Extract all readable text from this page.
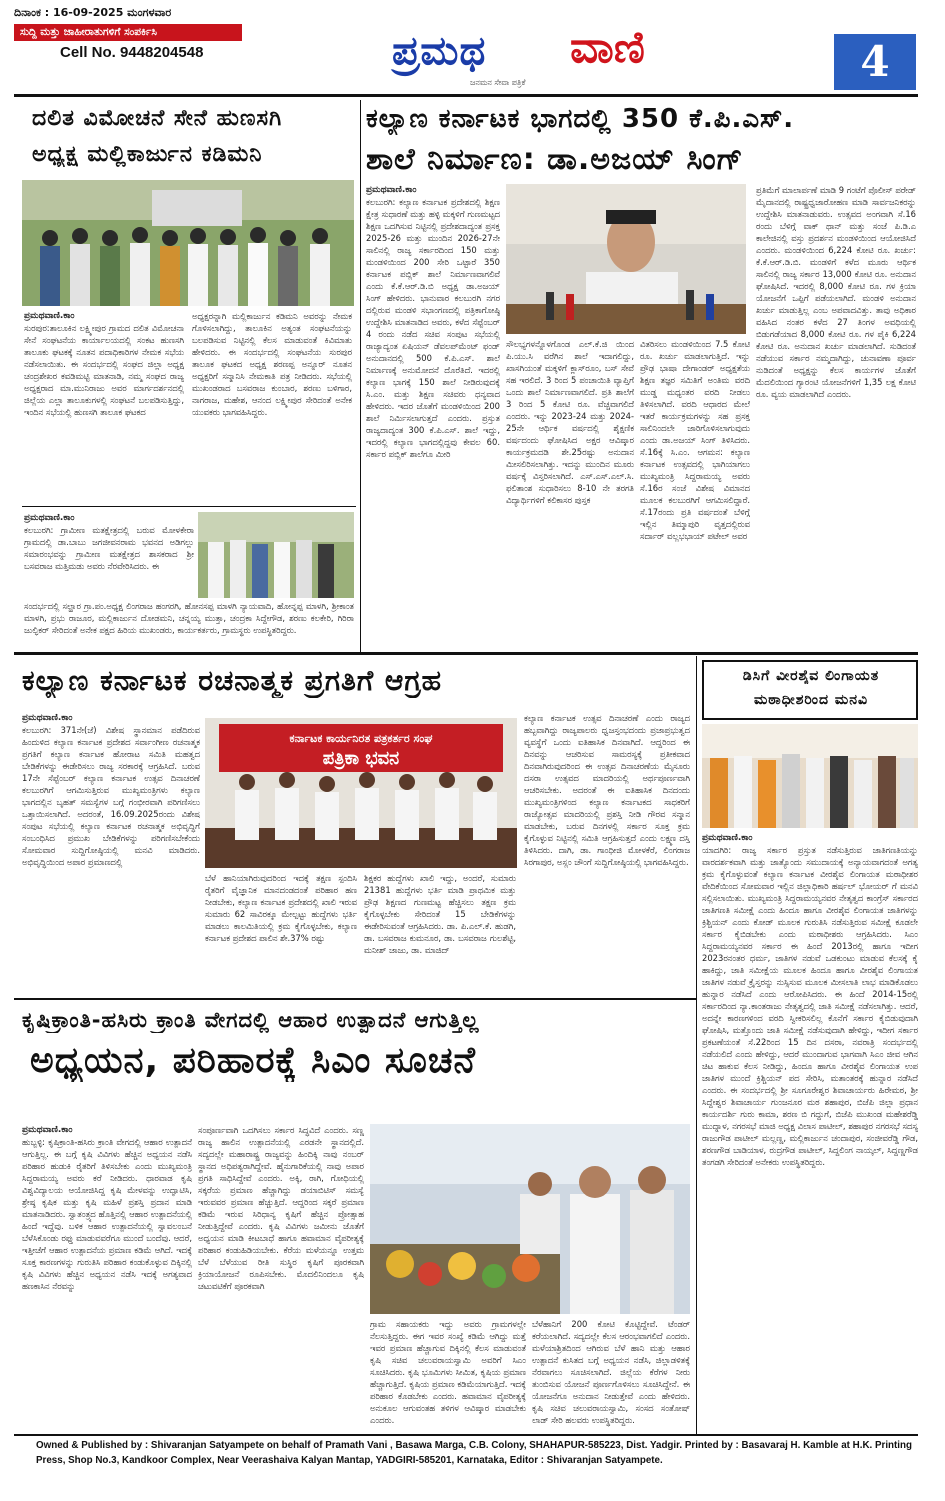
ದಿನಾಂಕ : 16-09-2025 ಮಂಗಳವಾರ
ಸುದ್ದಿ ಮತ್ತು ಜಾಹೀರಾತುಗಳಿಗೆ ಸಂಪರ್ಕಿಸಿ
Cell No. 9448204548	ಪ್ರಮಥ ವಾಣಿ
ಜನಮನ ಸೇವಾ ಪತ್ರಿಕೆ	4
ದಲಿತ ವಿಮೋಚನೆ ಸೇನೆ ಹುಣಸಗಿ
ಅಧ್ಯಕ್ಷ ಮಲ್ಲಿಕಾರ್ಜುನ ಕಡಿಮನಿ
ಪ್ರಮಥವಾಣಿ.ಕಾಂ
ಸುರಪುರ:ತಾಲೂಕಿನ ಲಕ್ಷ್ಮೀಪುರ ಗ್ರಾಮದ ದಲಿತ ವಿಮೋಚನಾ ಸೇನೆ ಸಂಘಟನೆಯ ಕಾರ್ಯಾಲಯದಲ್ಲಿ ಸಂಕಟ ಹುಣಸಗಿ ತಾಲೂಕು ಘಟಕಕ್ಕೆ ನೂತನ ಪದಾಧಿಕಾರಿಗಳ ನೇಮಕ ಸಭೆಯ ನಡೆಸಲಾಯಿತು. ಈ ಸಂದರ್ಭದಲ್ಲಿ ಸಂಘದ ಜಿಲ್ಲಾ ಅಧ್ಯಕ್ಷ ಚಂದ್ರಶೇಖರ ಕವಡಿಮಟ್ಟಿ ಮಾತನಾಡಿ, ನಮ್ಮ ಸಂಘದ ರಾಜ್ಯ ಅಧ್ಯಕ್ಷರಾದ ಮಾ.ಮುನಿರಾಜು ಅವರ ಮಾರ್ಗದರ್ಶನದಲ್ಲಿ ಜಿಲ್ಲೆಯ ಎಲ್ಲಾ ತಾಲೂಕುಗಳಲ್ಲಿ ಸಂಘಟನೆ ಬಲಪಡಿಸುತ್ತಿದ್ದು, ಇಂದಿನ ಸಭೆಯಲ್ಲಿ ಹುಣಸಗಿ ತಾಲೂಕ ಘಟಕದ
ಅಧ್ಯಕ್ಷರನ್ನಾಗಿ ಮಲ್ಲಿಕಾರ್ಜುನ ಕಡಿಮನಿ ಅವರನ್ನು ನೇಮಕ ಗೊಳಿಸಲಾಗಿದ್ದು, ತಾಲೂಕಿನ ಅತ್ಯಂತ ಸಂಘಟನೆಯನ್ನು ಬಲಪಡಿಸುವ ನಿಟ್ಟಿನಲ್ಲಿ ಕೆಲಸ ಮಾಡುವಂತೆ ಕಿವಿಮಾತು ಹೇಳಿದರು. ಈ ಸಂದರ್ಭದಲ್ಲಿ ಸಂಘಟನೆಯ ಸುರಪುರ ತಾಲೂಕ ಘಟಕದ ಅಧ್ಯಕ್ಷ ಶರಣಪ್ಪ ಅನ್ನೂರ್ ನೂತನ ಅಧ್ಯಕ್ಷರಿಗೆ ಸನ್ಮಾನಿಸಿ ನೇಮಕಾತಿ ಪತ್ರ ನೀಡಿದರು. ಸಭೆಯಲ್ಲಿ ಮುಖಂಡರಾದ ಬಸವರಾಜ ಕುಂಬಾರ, ಶರಣು ಬಳಿಗಾರ, ನಾಗರಾಜ, ಮಹೇಶ, ಆನಂದ ಲಕ್ಷ್ಮೀಪುರ ಸೇರಿದಂತೆ ಅನೇಕ ಯುವಕರು ಭಾಗವಹಿಸಿದ್ದರು.
ಪ್ರಮಥವಾಣಿ.ಕಾಂ
ಕಲಬುರಗಿ: ಗ್ರಾಮೀಣ ಮತಕ್ಷೇತ್ರದಲ್ಲಿ ಬರುವ ಮೋಳಕೇರಾ ಗ್ರಾಮದಲ್ಲಿ ಡಾ.ಬಾಬು ಜಗಜೀವನರಾಮ ಭವನದ ಅಡಿಗಲ್ಲು ಸಮಾರಂಭವನ್ನು ಗ್ರಾಮೀಣ ಮತಕ್ಷೇತ್ರದ ಶಾಸಕರಾದ ಶ್ರೀ ಬಸವರಾಜ ಮತ್ತಿಮಡು ಅವರು ನೆರವೇರಿಸಿದರು. ಈ
ಸಂದರ್ಭದಲ್ಲಿ ಸಲ್ಹಾರ ಗ್ರಾ.ಪಂ.ಅಧ್ಯಕ್ಷ ಲಿಂಗರಾಜ ಹಂಗರಗಿ, ಹೋನಸಪ್ಪ ಮಾಳಗಿ ನ್ಯಾಯವಾದಿ, ಹೋನ್ನಪ್ಪ ಮಾಳಗಿ, ಶ್ರೀಕಾಂತ ಮಾಳಗಿ, ಪ್ರಭು ರಾಜೂರ, ಮಲ್ಲಿಕಾರ್ಜುನ ದೋಡಮನಿ, ಚನ್ನಯ್ಯ ಮುತ್ತಾ, ಚಂದ್ರಕಾ ಸಿದ್ದೇಗೌಡ, ಶರಣು ಕಲಕೇರಿ, ಗಿರಿರಾ ಜುಲ್ಫಿಕರ್ ಸೇರಿದಂತೆ ಅನೇಕ ಪಕ್ಷದ ಹಿರಿಯ ಮುಖಂಡರು, ಕಾರ್ಯಕರ್ತರು, ಗ್ರಾಮಸ್ಥರು ಉಪಸ್ಥಿತರಿದ್ದರು.
ಕಲ್ಯಾಣ ಕರ್ನಾಟಕ ಭಾಗದಲ್ಲಿ 350 ಕೆ.ಪಿ.ಎಸ್.
ಶಾಲೆ ನಿರ್ಮಾಣ: ಡಾ.ಅಜಯ್ ಸಿಂಗ್
ಪ್ರಮಥವಾಣಿ.ಕಾಂ
ಕಲಬುರಗಿ: ಕಲ್ಯಾಣ ಕರ್ನಾಟಕ ಪ್ರದೇಶದಲ್ಲಿ ಶಿಕ್ಷಣ ಕ್ಷೇತ್ರ ಸುಧಾರಣೆ ಮತ್ತು ಹಳ್ಳಿ ಮಕ್ಕಳಿಗೆ ಗುಣಮಟ್ಟದ ಶಿಕ್ಷಣ ಒದಗಿಸುವ ನಿಟ್ಟಿನಲ್ಲಿ ಪ್ರದೇಶದಾದ್ಯಂತ ಪ್ರಸಕ್ತ 2025-26 ಮತ್ತು ಮುಂದಿನ 2026-27ನೇ ಸಾಲಿನಲ್ಲಿ ರಾಜ್ಯ ಸರ್ಕಾರದಿಂದ 150 ಮತ್ತು ಮಂಡಳಿಯಿಂದ 200 ಸೇರಿ ಒಟ್ಟಾರೆ 350 ಕರ್ನಾಟಕ ಪಬ್ಲಿಕ್ ಶಾಲೆ ನಿರ್ಮಾಣವಾಗಲಿವೆ ಎಂದು ಕೆ.ಕೆ.ಆರ್.ಡಿ.ಬಿ ಅಧ್ಯಕ್ಷ ಡಾ.ಅಜಯ್ ಸಿಂಗ್ ಹೇಳಿದರು. ಭಾನುವಾರ ಕಲಬುರಗಿ ನಗರ ದಲ್ಲಿರುವ ಮಂಡಳಿ ಸಭಾಂಗಣದಲ್ಲಿ ಪತ್ರಿಕಾಗೋಷ್ಠಿ ಉದ್ದೇಶಿಸಿ ಮಾತನಾಡಿದ ಅವರು, ಕಳೆದ ಸೆಪ್ಟೆಂಬರ್ 4 ರಂದು ನಡೆದ ಸಚಿವ ಸಂಪುಟ ಸಭೆಯಲ್ಲಿ ರಾಜ್ಯಾದ್ಯಂತ ಏಷಿಯನ್ ಡೆವಲಪ್‌ಮೆಂಟ್ ಫಂಡ್ ಅನುದಾನದಲ್ಲಿ 500 ಕೆ.ಪಿ.ಎಸ್. ಶಾಲೆ ನಿರ್ಮಾಣಕ್ಕೆ ಅನುಮೋದನೆ ದೊರೆತಿದೆ. ಇದರಲ್ಲಿ ಕಲ್ಯಾಣ ಭಾಗಕ್ಕೆ 150 ಶಾಲೆ ನೀಡಿರುವುದಕ್ಕೆ ಸಿ.ಎಂ. ಮತ್ತು ಶಿಕ್ಷಣ ಸಚಿವರು ಧನ್ಯವಾದ ಹೇಳಿದರು. ಇದರ ಜೊತೆಗೆ ಮಂಡಳಿಯಿಂದ 200 ಶಾಲೆ ನಿರ್ಮಿಸಲಾಗುತ್ತದೆ ಎಂದರು. ಪ್ರಸ್ತುತ ರಾಜ್ಯದಾದ್ಯಂತ 300 ಕೆ.ಪಿ.ಎಸ್. ಶಾಲೆ ಇದ್ದು, ಇದರಲ್ಲಿ ಕಲ್ಯಾಣ ಭಾಗದಲ್ಲಿದ್ದವು ಕೇವಲ 60. ಸರ್ಕಾರ ಪಬ್ಲಿಕ್ ಶಾಲೆಗೂ ಮೀರಿ
ಸೌಲಭ್ಯಗಳನ್ನೊಳಗೊಂಡ ಎಲ್.ಕೆ.ಜಿ ಯಿಂದ ಪಿ.ಯು.ಸಿ ವರೆಗಿನ ಶಾಲೆ ಇದಾಗಲಿದ್ದು, ಖಾಸಗಿಯಂತೆ ಮಕ್ಕಳಿಗೆ ಕ್ಲಾಸ್‌ರೂಂ, ಬಸ್ ಸೇವೆ ಸಹ ಇರಲಿದೆ. 3 ರಿಂದ 5 ಪಂಚಾಯಿತಿ ವ್ಯಾಪ್ತಿಗೆ ಒಂದು ಶಾಲೆ ನಿರ್ಮಾಣವಾಗಲಿದೆ. ಪ್ರತಿ ಶಾಲೆಗೆ 3 ರಿಂದ 5 ಕೋಟಿ ರೂ. ವೆಚ್ಚವಾಗಲಿದೆ ಎಂದರು. ಇನ್ನು 2023-24 ಮತ್ತು 2024-25ನೇ ಆರ್ಥಿಕ ವರ್ಷದಲ್ಲಿ ಶೈಕ್ಷಣಿಕ ವರ್ಷದಂದು ಘೋಷಿಸಿದ ಅಕ್ಷರ ಆವಿಷ್ಕಾರ ಕಾರ್ಯಕ್ರಮದಡಿ ಶೇ.25ರಷ್ಟು ಅನುದಾನ ಮೀಸಲಿರಿಸಲಾಗಿತ್ತು. ಇದನ್ನು ಮುಂದಿನ ಮೂರು ವರ್ಷಕ್ಕೆ ವಿಸ್ತರಿಸಲಾಗಿದೆ. ಎಸ್.ಎಸ್.ಎಲ್.ಸಿ. ಫಲಿತಾಂಶ ಸುಧಾರಿಸಲು 8-10 ನೇ ತರಗತಿ ವಿದ್ಯಾರ್ಥಿಗಳಿಗೆ ಕಲಿಕಾಸರ ಪುಸ್ತಕ
ವಿತರಿಸಲು ಮಂಡಳಿಯಿಂದ 7.5 ಕೋಟಿ ರೂ. ಖರ್ಚು ಮಾಡಲಾಗುತ್ತಿದೆ. ಇನ್ನು ಪ್ರೌಢ ಭಾಷಾ ದೇಗಾಂಡರ್ ಅಧ್ಯಕ್ಷತೆಯ ಶಿಕ್ಷಣ ತಜ್ಞರ ಸಮಿತಿಗೆ ಅಂತಿಮ ವರದಿ ಮುಡ್ಡ ಮಧ್ಯಂತರ ವರದಿ ನೀಡಲು ತಿಳಿಸಲಾಗಿದೆ. ವರದಿ ಆಧಾರದ ಮೇಲೆ ಇತರೆ ಕಾರ್ಯಕ್ರಮಗಳನ್ನು ಸಹ ಪ್ರಸಕ್ತ ಸಾಲಿನಿಂದಲೇ ಜಾರಿಗೊಳಿಸಲಾಗುವುದು ಎಂದು ಡಾ.ಅಜಯ್ ಸಿಂಗ್ ತಿಳಿಸಿದರು. ಸೆ.16ಕ್ಕೆ ಸಿ.ಎಂ. ಆಗಮನ: ಕಲ್ಯಾಣ ಕರ್ನಾಟಕ ಉತ್ಸವದಲ್ಲಿ ಭಾಗಿಯಾಗಲು ಮುಖ್ಯಮಂತ್ರಿ ಸಿದ್ದರಾಮಯ್ಯ ಅವರು ಸೆ.16ರ ಸಂಜೆ ವಿಶೇಷ ವಿಮಾನದ ಮೂಲಕ ಕಲಬುರಗಿಗೆ ಆಗಮಿಸಲಿದ್ದಾರೆ. ಸೆ.17ರಂದು ಪ್ರತಿ ವರ್ಷದಂತೆ ಬೆಳಿಗ್ಗೆ ಇಲ್ಲಿನ ತಿಮ್ಮಾಪುರಿ ವೃತ್ತದಲ್ಲಿರುವ ಸರ್ದಾರ್ ವಲ್ಲಭಭಾಯ್ ಪಟೇಲ್ ಅವರ
ಪ್ರತಿಮೆಗೆ ಮಾಲಾರ್ಪಣೆ ಮಾಡಿ 9 ಗಂಟೆಗೆ ಪೊಲೀಸ್ ಪರೇಡ್ ಮೈದಾನದಲ್ಲಿ ರಾಷ್ಟ್ರಧ್ವಜಾರೋಹಣ ಮಾಡಿ ಸಾರ್ವಜನಿಕರನ್ನು ಉದ್ದೇಶಿಸಿ ಮಾತನಾಡುವರು. ಉತ್ಸವದ ಅಂಗವಾಗಿ ಸೆ.16 ರಂದು ಬೆಳಿಗ್ಗೆ ವಾಕ್ ಥಾನ್ ಮತ್ತು ಸಂಜೆ ಪಿ.ಡಿ.ಎ ಕಾಲೇಜಿನಲ್ಲಿ ವಸ್ತು ಪ್ರದರ್ಶನ ಮಂಡಳಿಯಿಂದ ಆಯೋಜಿಸಿದೆ ಎಂದರು. ಮಂಡಳಿಯಿಂದ 6,224 ಕೋಟಿ ರೂ. ಖರ್ಚು: ಕೆ.ಕೆ.ಆರ್.ಡಿ.ಬಿ. ಮಂಡಳಿಗೆ ಕಳೆದ ಮೂರು ಆರ್ಥಿಕ ಸಾಲಿನಲ್ಲಿ ರಾಜ್ಯ ಸರ್ಕಾರ 13,000 ಕೋಟಿ ರೂ. ಅನುದಾನ ಘೋಷಿಸಿದೆ. ಇದರಲ್ಲಿ 8,000 ಕೋಟಿ ರೂ. ಗಳ ಕ್ರಿಯಾ ಯೋಜನೆಗೆ ಒಪ್ಪಿಗೆ ಪಡೆಯಲಾಗಿದೆ. ಮಂಡಳಿ ಅನುದಾನ ಖರ್ಚು ಮಾಡುತ್ತಿಲ್ಲ ಎಂಬ ಅಪವಾದವಿತ್ತು. ತಾವು ಅಧಿಕಾರ ವಹಿಸಿದ ನಂತರ ಕಳೆದ 27 ತಿಂಗಳ ಅವಧಿಯಲ್ಲಿ ಬಿಡುಗಡೆಯಾದ 8,000 ಕೋಟಿ ರೂ. ಗಳ ಪೈಕಿ 6,224 ಕೋಟಿ ರೂ. ಅನುದಾನ ಖರ್ಚು ಮಾಡಲಾಗಿದೆ. ಸುಡಿದಂತೆ ನಡೆಯುವ ಸರ್ಕಾರ ನಮ್ಮದಾಗಿದ್ದು, ಚುನಾವಣಾ ಪೂರ್ವ ನುಡಿದಂತೆ ಅಧ್ಯಕ್ಷನ್ನು ಕೆಲಸ ಕಾರ್ಯಗಳ ಜೊತೆಗೆ ಮೆದಲಿಯಿಂದ ಗ್ಯಾರಂಟಿ ಯೋಜನೆಗಳಿಗೆ 1,35 ಲಕ್ಷ ಕೋಟಿ ರೂ. ವ್ಯಯ ಮಾಡಲಾಗಿದೆ ಎಂದರು.
ಕಲ್ಯಾಣ ಕರ್ನಾಟಕ ರಚನಾತ್ಮಕ ಪ್ರಗತಿಗೆ ಆಗ್ರಹ
ಪ್ರಮಥವಾಣಿ.ಕಾಂ
ಕಲಬುರಗಿ: 371ನೇ(ಜೆ) ವಿಶೇಷ ಸ್ಥಾನಮಾನ ಪಡೆದಿರುವ ಹಿಂದುಳಿದ ಕಲ್ಯಾಣ ಕರ್ನಾಟಕ ಪ್ರದೇಶದ ಸರ್ವಾಂಗೀಣ ರಚನಾತ್ಮಕ ಪ್ರಗತಿಗೆ ಕಲ್ಯಾಣ ಕರ್ನಾಟಕ ಹೋರಾಟ ಸಮಿತಿ ಮಹತ್ವದ ಬೇಡಿಕೆಗಳನ್ನು ಈಡೇರಿಸಲು ರಾಜ್ಯ ಸರಕಾರಕ್ಕೆ ಆಗ್ರಹಿಸಿದೆ. ಬರುವ 17ನೇ ಸೆಪ್ಟೆಂಬರ್ ಕಲ್ಯಾಣ ಕರ್ನಾಟಕ ಉತ್ಸವ ದಿನಾಚರಣೆ ಕಲಬುರಗಿಗೆ ಆಗಮಿಸುತ್ತಿರುವ ಮುಖ್ಯಮಂತ್ರಿಗಳು ಕಲ್ಯಾಣ ಭಾಗದಲ್ಲಿನ ಬೃಹತ್ ಸಮಸ್ಯೆಗಳ ಬಗ್ಗೆ ಗಂಭೀರವಾಗಿ ಪರಿಗಣಿಸಲು ಒತ್ತಾಯಿಸಲಾಗಿದೆ. ಅದರಂತೆ, 16.09.2025ರಂದು ವಿಶೇಷ ಸಂಪುಟ ಸಭೆಯಲ್ಲಿ ಕಲ್ಯಾಣ ಕರ್ನಾಟಕ ರಚನಾತ್ಮಕ ಅಭಿವೃದ್ಧಿಗೆ ಸಂಬಂಧಿಸಿದ ಪ್ರಮುಖ ಬೇಡಿಕೆಗಳನ್ನು ಪರಿಗಣಿಸಬೇಕೆಂದು ಸೋಮವಾರ ಸುದ್ದಿಗೋಷ್ಠಿಯಲ್ಲಿ ಮನವಿ ಮಾಡಿದರು. ಅಭಿವೃದ್ಧಿಯಿಂದ ಅಪಾರ ಪ್ರಮಾಣದಲ್ಲಿ
ಕರ್ನಾಟಕ ಕಾರ್ಯನಿರತ ಪತ್ರಕರ್ತರ ಸಂಘ
ಪತ್ರಿಕಾ ಭವನ
ಬೆಳೆ ಹಾನಿಯಾಗಿರುವುದರಿಂದ ಇದಕ್ಕೆ ತಕ್ಷಣ ಸ್ಪಂದಿಸಿ ರೈತರಿಗೆ ವೈಜ್ಞಾನಿಕ ಮಾನದಂಡದಂತೆ ಪರಿಹಾರ ಹಣ ನೀಡಬೇಕು, ಕಲ್ಯಾಣ ಕರ್ನಾಟಕ ಪ್ರದೇಶದಲ್ಲಿ ಖಾಲಿ ಇರುವ ಸುಮಾರು 62 ಸಾವಿರಕ್ಕೂ ಮೇಲ್ಪಟ್ಟು ಹುದ್ದೆಗಳು ಭರ್ತಿ ಮಾಡಲು ಕಾಲಮಿತಿಯಲ್ಲಿ ಕ್ರಮ ಕೈಗೊಳ್ಳಬೇಕು, ಕಲ್ಯಾಣ ಕರ್ನಾಟಕ ಪ್ರದೇಶದ ಪಾಲಿನ ಶೇ.37% ರಷ್ಟು
ಶಿಕ್ಷಕರ ಹುದ್ದೆಗಳು ಖಾಲಿ ಇದ್ದು, ಅಂದರೆ, ಸುಮಾರು 21381 ಹುದ್ದೆಗಳು ಭರ್ತಿ ಮಾಡಿ ಪ್ರಾಥಮಿಕ ಮತ್ತು ಪ್ರೌಢ ಶಿಕ್ಷಣದ ಗುಣಮಟ್ಟ ಹೆಚ್ಚಿಸಲು ತಕ್ಷಣ ಕ್ರಮ ಕೈಗೊಳ್ಳಬೇಕು ಸೇರಿದಂತೆ 15 ಬೇಡಿಕೆಗಳನ್ನು ಈಡೇರಿಸುವಂತೆ ಆಗ್ರಹಿಸಿದರು. ಡಾ. ಪಿ.ಎಲ್.ಕೆ. ಹುಡಗಿ, ಡಾ. ಬಸವರಾಜ ಕುಮನೂರ, ಡಾ. ಬಸವರಾಜ ಗುಲಶೆಟ್ಟಿ, ಮನೀಶ್ ಜಾಜು, ಡಾ. ಮಾಜಿದ್
ಕಲ್ಯಾಣ ಕರ್ನಾಟಕ ಉತ್ಸವ ದಿನಾಚರಣೆ ಎಂದು ರಾಜ್ಯದ ಹಬ್ಬವಾಗಿದ್ದು ರಾಜ್ಯಪಾಲರು ಧ್ವಜಸ್ತಂಭದಂದು ಪ್ರಜಾಪ್ರಭುತ್ವದ ವ್ಯವಸ್ಥೆಗೆ ಒಂದು ಐತಿಹಾಸಿಕ ದಿನವಾಗಿದೆ. ಆದ್ದರಿಂದ ಈ ದಿನವನ್ನು ಆಚರಿಸುವ ಸಾಮರಸ್ಯಕ್ಕೆ ಪ್ರತೀಕವಾದ ದಿನವಾಗಿರುವುದರಿಂದ ಈ ಉತ್ಸವ ದಿನಾಚರಣೆಯ ಮೈಸೂರು ದಸರಾ ಉತ್ಸವದ ಮಾದರಿಯಲ್ಲಿ ಅರ್ಥಪೂರ್ಣವಾಗಿ ಆಚರಿಸಬೇಕು. ಅದರಂತೆ ಈ ಐತಿಹಾಸಿಕ ದಿನದಂದು ಮುಖ್ಯಮಂತ್ರಿಗಳಿಂದ ಕಲ್ಯಾಣ ಕರ್ನಾಟಕದ ಸಾಧಕರಿಗೆ ರಾಜ್ಯೋತ್ಸವ ಮಾದರಿಯಲ್ಲಿ ಪ್ರಶಸ್ತಿ ನೀಡಿ ಗೌರವ ಸನ್ಮಾನ ಮಾಡಬೇಕು, ಬರುವ ದಿನಗಳಲ್ಲಿ ಸರ್ಕಾರ ಸೂಕ್ತ ಕ್ರಮ ಕೈಗೊಳ್ಳುವ ನಿಟ್ಟಿನಲ್ಲಿ ಸಮಿತಿ ಆಗ್ರಹಿಸುತ್ತದೆ ಎಂದು ಲಕ್ಷ್ಮಣ ದಸ್ತಿ ತಿಳಿಸಿದರು. ದಾಗಿ, ಡಾ. ಗಾಂಧೀಜಿ ಮೋಳಕೆರೆ, ಲಿಂಗರಾಜ ಸಿರಗಾಪುರ, ಅಸ್ಲಂ ಚೌಂಗೆ ಸುದ್ದಿಗೋಷ್ಠಿಯಲ್ಲಿ ಭಾಗವಹಿಸಿದ್ದರು.
ಡಿಸಿಗೆ ವೀರಶೈವ ಲಿಂಗಾಯತ
ಮಠಾಧೀಶರಿಂದ ಮನವಿ
ಪ್ರಮಥವಾಣಿ.ಕಾಂ
ಯಾದಗಿರಿ: ರಾಜ್ಯ ಸರ್ಕಾರ ಪ್ರಸ್ತುತ ನಡೆಸುತ್ತಿರುವ ಜಾತಿಗಣತಿಯನ್ನು ವಾರದರ್ಶಕವಾಗಿ ಮತ್ತು ಜಾತ್ಯೊಂದು ಸಮುದಾಯಕ್ಕೆ ಅನ್ಯಾಯವಾಗದಂತೆ ಅಗತ್ಯ ಕ್ರಮ ಕೈಗೊಳ್ಳುವಂತೆ ಕಲ್ಯಾಣ ಕರ್ನಾಟಕ ವೀರಶೈವ ಲಿಂಗಾಯತ ಮಠಾಧೀಶರ ವೇದಿಕೆಯಿಂದ ಸೋಮವಾರ ಇಲ್ಲಿನ ಜಿಲ್ಲಾಧಿಕಾರಿ ಹರ್ಷಲ್ ಭೋಯರ್ ಗೆ ಮನವಿ ಸಲ್ಲಿಸಲಾಯಿತು. ಮುಖ್ಯಮಂತ್ರಿ ಸಿದ್ದರಾಮಯ್ಯನವರ ನೇತೃತ್ವದ ಕಾಂಗ್ರೆಸ್ ಸರ್ಕಾರದ ಜಾತಿಗಣತಿ ಸಮೀಕ್ಷೆ ಎಂದು ಹಿಂದೂ ಹಾಗೂ ವೀರಶೈವ ಲಿಂಗಾಯತ ಜಾತಿಗಳನ್ನು ಕ್ರಿಶ್ಚಿಯನ್ ಎಂದು ಕೋಡ್ ಮೂಲಕ ಗುರುತಿಸಿ ನಡೆಸುತ್ತಿರುವ ಸಮೀಕ್ಷೆ ಕೂಡಲೇ ಸರ್ಕಾರ ಕೈಬಿಡಬೇಕು ಎಂದು ಮಠಾಧೀಶರು ಆಗ್ರಹಿಸಿದರು. ಸಿಎಂ ಸಿದ್ದರಾಮಯ್ಯನವರ ಸರ್ಕಾರ ಈ ಹಿಂದೆ 2013ರಲ್ಲಿ ಹಾಗೂ ಇದೀಗ 2023ರನಂತರ ಧರ್ಮ, ಜಾತಿಗಳ ನಡುವೆ ಒಡಕುಂಟು ಮಾಡುವ ಕೆಲಸಕ್ಕೆ ಕೈ ಹಾಕಿದ್ದು, ಜಾತಿ ಸಮೀಕ್ಷೆಯ ಮೂಲಕ ಹಿಂದೂ ಹಾಗೂ ವೀರಶೈವ ಲಿಂಗಾಯತ ಜಾತಿಗಳ ನಡುವೆ ಕ್ರೈಸ್ತರನ್ನು ನುಸ್ಸಿಸುವ ಮೂಲಕ ಮೀಸಲಾತಿ ಲಾಭ ಮಾಡಿಕೊಡಲು ಹುನ್ನಾರ ನಡೆಸಿದೆ ಎಂದು ಆರೋಪಿಸಿದರು. ಈ ಹಿಂದೆ 2014-15ರಲ್ಲಿ ಸರ್ಕಾರದಿಂದ ನ್ಯಾ.ಕಾಂತರಾಜು ನೇತೃತ್ವದಲ್ಲಿ ಜಾತಿ ಸಮೀಕ್ಷೆ ನಡೆಸಲಾಗಿತ್ತು. ಆದರೆ, ಅದನ್ನೇ ಕಾರಣಗಳಿಂದ ವರದಿ ಸ್ವೀಕರಿಸಲಿಲ್ಲ ಕೊನೆಗೆ ಸರ್ಕಾರ ಕೈಬಿಡುವುದಾಗಿ ಘೋಷಿಸಿ, ಮತ್ತೊಂದು ಜಾತಿ ಸಮೀಕ್ಷೆ ನಡೆಸುವುದಾಗಿ ಹೇಳಿದ್ದು, ಇದೀಗ ಸರ್ಕಾರ ಪ್ರಕಟಣೆಯಂತೆ ಸೆ.22ರಿಂದ 15 ದಿನ ದಸರಾ, ನವರಾತ್ರಿ ಸಂದರ್ಭದಲ್ಲಿ ನಡೆಯಲಿದೆ ಎಂದು ಹೇಳಿದ್ದು, ಆದರೆ ಮುಂದಾಗುವ ಭಾಗವಾಗಿ ಸಿಎಂ ಜೀವ ಆಗಿನ ಚಿಟ ಹಾಕುವ ಕೆಲಸ ನೀಡಿದ್ದು, ಹಿಂದೂ ಹಾಗೂ ವೀರಶೈವ ಲಿಂಗಾಯತ ಉಪ ಜಾತಿಗಳ ಮುಂದೆ ಕ್ರಿಶ್ಚಿಯನ್ ಪದ ಸೇರಿಸಿ, ಮತಾಂತರಕ್ಕೆ ಹುನ್ನಾರ ನಡೆಸಿದೆ ಎಂದರು. ಈ ಸಂದರ್ಭದಲ್ಲಿ ಶ್ರೀ ಸೂಗೂರೇಶ್ವರ ಶಿವಾಚಾರ್ಯರು ಹಿರೇಮಠ, ಶ್ರೀ ಸಿದ್ದೇಶ್ವರ ಶಿವಾಚಾರ್ಯ ಗುಂಜನೂರ ಮಠ ಶಹಾಪುರ, ಬಿಜೆಪಿ ಜಿಲ್ಲಾ ಪ್ರಧಾನ ಕಾರ್ಯದರ್ಶಿ ಗುರು ಕಾಮಾ, ಶರಣ ಬಿ ಗದ್ದುಗೆ, ಬಿಜೆಪಿ ಮುಖಂಡ ಮಹೇಶರೆಡ್ಡಿ ಮುದ್ನಾಳ, ನಗರಸಭೆ ಮಾಜಿ ಅಧ್ಯಕ್ಷ ವಿಲಾಸ ಪಾಟೀಲ್, ಶಹಾಪುರ ನಗರಸಭೆ ಸದಸ್ಯ ರಾಜುಗೌಡ ಪಾಟೀಲ್ ಮಲ್ಲಣ್ಣ, ಮಲ್ಲಿಕಾರ್ಜುನ ಚಂದಾಪುರ, ಸಂಜೀವರೆಡ್ಡಿ ಗೌಡ, ಶರಣಗೌಡ ಬಾಡಿಯಾಳ, ರುದ್ರಗೌಡ ಪಾಟೀಲ್, ಸಿದ್ದಲಿಂಗ ನಾಯ್ಕಲ್, ಸಿದ್ದಣ್ಣಗೌಡ ತಂಗಡಗಿ ಸೇರಿದಂತೆ ಅನೇಕರು ಉಪಸ್ಥಿತರಿದ್ದರು.
ಕೃಷಿಕ್ರಾಂತಿ-ಹಸಿರು ಕ್ರಾಂತಿ ವೇಗದಲ್ಲಿ ಆಹಾರ ಉತ್ಪಾದನೆ ಆಗುತ್ತಿಲ್ಲ
ಅಧ್ಯಯನ, ಪರಿಹಾರಕ್ಕೆ ಸಿಎಂ ಸೂಚನೆ
ಪ್ರಮಥವಾಣಿ.ಕಾಂ
ಹುಬ್ಬಳ್ಳಿ: ಕೃಷಿಕ್ರಾಂತಿ-ಹಸಿರು ಕ್ರಾಂತಿ ವೇಗದಲ್ಲಿ ಆಹಾರ ಉತ್ಪಾದನೆ ಆಗುತ್ತಿಲ್ಲ. ಈ ಬಗ್ಗೆ ಕೃಷಿ ವಿವಿಗಳು ಹೆಚ್ಚಿನ ಅಧ್ಯಯನ ನಡೆಸಿ ಪರಿಹಾರ ಹುಡುಕಿ ರೈತರಿಗೆ ತಿಳಿಸಬೇಕು ಎಂದು ಮುಖ್ಯಮಂತ್ರಿ ಸಿದ್ದರಾಮಯ್ಯ ಅವರು ಕರೆ ನೀಡಿದರು. ಧಾರವಾಡ ಕೃಷಿ ವಿಶ್ವವಿದ್ಯಾಲಯ ಆಯೋಜಿಸಿದ್ದ ಕೃಷಿ ಮೇಳವನ್ನು ಉದ್ಘಾಟಿಸಿ, ಶ್ರೇಷ್ಠ ಕೃಷಿಕ ಮತ್ತು ಕೃಷಿ ಮಹಿಳೆ ಪ್ರಶಸ್ತಿ ಪ್ರದಾನ ಮಾಡಿ ಮಾತನಾಡಿದರು. ಸ್ವಾತಂತ್ರ್ಯದ ಹೊತ್ತಿನಲ್ಲಿ ಆಹಾರ ಉತ್ಪಾದನೆಯಲ್ಲಿ ಹಿಂದೆ ಇದ್ದೆವು. ಬಳಿಕ ಆಹಾರ ಉತ್ಪಾದನೆಯಲ್ಲಿ ಸ್ವಾವಲಂಬನೆ ಬೆಳೆಸಿಕೊಂಡು ರಫ್ತು ಮಾಡುವವರೆಗೂ ಮುಂದೆ ಬಂದೆವು. ಆದರೆ, ಇತ್ತೀಚೆಗೆ ಆಹಾರ ಉತ್ಪಾದನೆಯ ಪ್ರಮಾಣ ಕಡಿಮೆ ಆಗಿದೆ. ಇದಕ್ಕೆ ಸೂಕ್ತ ಕಾರಣಗಳನ್ನು ಗುರುತಿಸಿ ಪರಿಹಾರ ಕಂಡುಕೊಳ್ಳುವ ದಿಕ್ಕಿನಲ್ಲಿ ಕೃಷಿ ವಿವಿಗಳು ಹೆಚ್ಚಿನ ಅಧ್ಯಯನ ನಡೆಸಿ ಇದಕ್ಕೆ ಅಗತ್ಯವಾದ ಹಣಕಾಸಿನ ನೆರವನ್ನು
ಸಂಪೂರ್ಣವಾಗಿ ಒದಗಿಸಲು ಸರ್ಕಾರ ಸಿದ್ಧವಿದೆ ಎಂದರು. ಸಣ್ಣ ರಾಜ್ಯ ಹಾಲಿನ ಉತ್ಪಾದನೆಯಲ್ಲಿ ಎರಡನೇ ಸ್ಥಾನದಲ್ಲಿದೆ. ಸದ್ಯದಲ್ಲೇ ಮಹಾರಾಷ್ಟ್ರ ರಾಜ್ಯವನ್ನು ಹಿಂದಿಕ್ಕಿ ನಾವು ನಂಬರ್ ಸ್ಥಾನದ ಅಧಿಪತ್ಯರಾಗಿದ್ದೇವೆ. ಹೈನುಗಾರಿಕೆಯಲ್ಲಿ ನಾವು ಅಪಾರ ಪ್ರಗತಿ ಸಾಧಿಸಿದ್ದೇವೆ ಎಂದರು. ಅಕ್ಕಿ, ರಾಗಿ, ಗೋಧಿಯಲ್ಲಿ ಸಕ್ಕರೆಯ ಪ್ರಮಾಣ ಹೆಚ್ಚಾಗಿದ್ದು ಡಯಾಬಿಟಿಸ್ ಸಮಸ್ಯೆ ಇರುವವರ ಪ್ರಮಾಣ ಹೆಚ್ಚುತ್ತಿದೆ. ಆದ್ದರಿಂದ ಸಕ್ಕರೆ ಪ್ರಮಾಣ ಕಡಿಮೆ ಇರುವ ಸಿರಿಧಾನ್ಯ ಕೃಷಿಗೆ ಹೆಚ್ಚಿನ ಪ್ರೋತ್ಸಾಹ ನೀಡುತ್ತಿದ್ದೇವೆ ಎಂದರು. ಕೃಷಿ ವಿವಿಗಳು ಜಮೀನು ಜೊತೆಗೆ ಅಧ್ಯಯನ ಮಾಡಿ ಕೀಟಬಾಧೆ ಹಾಗೂ ಹವಾಮಾನ ವೈಪರೀತ್ಯಕ್ಕೆ ಪರಿಹಾರ ಕಂಡುಹಿಡಿಯಬೇಕು. ಕೆರೆಯ ಮಳೆಯನ್ನೂ ಉತ್ತಮ ಬೆಳೆ ಬೆಳೆಯುವ ರೀತಿ ಸುಸ್ಥಿರ ಕೃಷಿಗೆ ಪೂರಕವಾಗಿ ಕ್ರಿಯಾಯೋಜನೆ ರೂಪಿಸಬೇಕು. ಮೊದಲಿನಿಂದಲೂ ಕೃಷಿ ಚಟುವಟಿಕೆಗೆ ಪೂರಕವಾಗಿ
ಗ್ರಾಮ ಸಹಾಯಕರು ಇದ್ದು ಅವರು ಗ್ರಾಮಗಳಲ್ಲೇ ನೆಲಸುತ್ತಿದ್ದರು. ಈಗ ಇವರ ಸಂಖ್ಯೆ ಕಡಿಮೆ ಆಗಿದ್ದು ಮತ್ತೆ ಇವರ ಪ್ರಮಾಣ ಹೆಚ್ಚಾಗುವ ದಿಕ್ಕಿನಲ್ಲಿ ಕೆಲಸ ಮಾಡುವಂತೆ ಕೃಷಿ ಸಚಿವ ಚಲುವರಾಯಸ್ವಾಮಿ ಅವರಿಗೆ ಸಿಎಂ ಸೂಚಿಸಿದರು. ಕೃಷಿ ಭೂಮಿಗಳು ಸೀಮಿತ, ಕೃಷಿಯ ಪ್ರಮಾಣ ಹೆಚ್ಚಾಗುತ್ತಿದೆ. ಕೃಷಿಯ ಪ್ರಮಾಣ ಕಡಿಮೆಯಾಗುತ್ತಿದೆ. ಇದಕ್ಕೆ ಪರಿಹಾರ ಕೊಡಬೇಕು ಎಂದರು. ಹವಾಮಾನ ವೈಪರೀತ್ಯಕ್ಕೆ ಅನುಕೂಲ ಆಗುವಂತಹ ತಳಿಗಳ ಆವಿಷ್ಕಾರ ಮಾಡಬೇಕು ಎಂದರು.
ಬೆಳೆಹಾನಿಗೆ 200 ಕೋಟಿ ಕೊಟ್ಟಿದ್ದೇವೆ. ಟೆಂಡರ್ ಕರೆಯಲಾಗಿದೆ. ಸದ್ಯದಲ್ಲೇ ಕೆಲಸ ಆರಂಭವಾಗಲಿದೆ ಎಂದರು. ಮಳೆಯಾಶ್ರಿತದಿಂದ ಆಗಿರುವ ಬೆಳೆ ಹಾನಿ ಮತ್ತು ಆಹಾರ ಉತ್ಪಾದನೆ ಕುಸಿತದ ಬಗ್ಗೆ ಅಧ್ಯಯನ ನಡೆಸಿ, ಜಿಲ್ಲಾಡಳಿತಕ್ಕೆ ನೆರವಾಗಲು ಸೂಚಿಸಲಾಗಿದೆ. ಜಿಲ್ಲೆಯ ಕೆರೆಗಳ ನೀರು ತುಂಬಿಸುವ ಯೋಜನೆ ಪೂರ್ಣಗೊಳಿಸಲು ಸೂಚಿಸಿದ್ದೇನೆ. ಈ ಯೋಜನೆಗೂ ಅನುದಾನ ನೀಡುತ್ತೇವೆ ಎಂದು ಹೇಳಿದರು. ಕೃಷಿ ಸಚಿವ ಚಲುವರಾಯಸ್ವಾಮಿ, ಸಂಸದ ಸಂತೋಷ್ ಲಾಡ್ ಸೇರಿ ಹಲವರು ಉಪಸ್ಥಿತರಿದ್ದರು.
Owned & Published by : Shivaranjan Satyampete on behalf of Pramath Vani , Basawa Marga, C.B. Colony, SHAHAPUR-585223, Dist. Yadgir. Printed by : Basavaraj H. Kamble at H.K. Printing Press, Shop No.3, Kandkoor Complex, Near Veerashaiva Kalyan Mantap, YADGIRI-585201, Karnataka, Editor : Shivaranjan Satyampete.
